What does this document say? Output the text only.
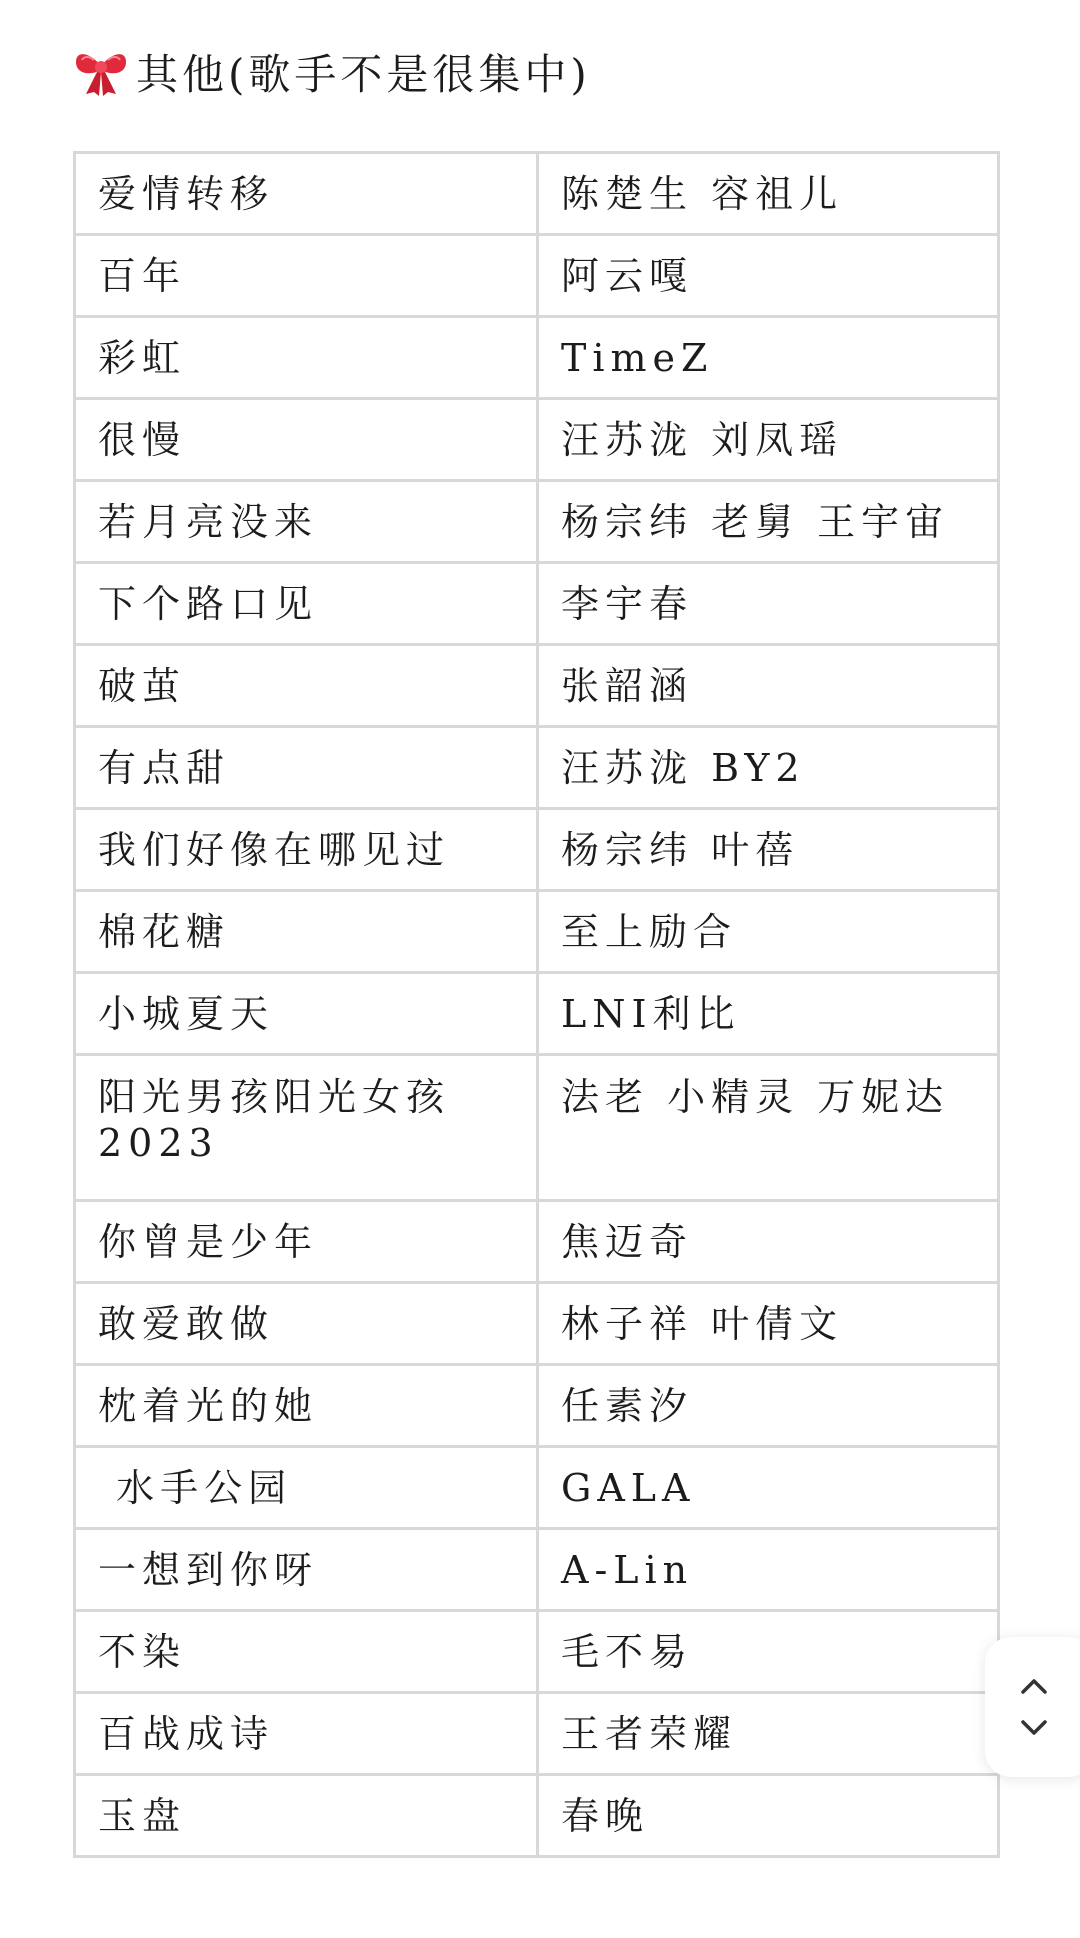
其他(歌手不是很集中)
爱情转移	陈楚生 容祖儿
百年	阿云嘎
彩虹	TimeZ
很慢	汪苏泷 刘凤瑶
若月亮没来	杨宗纬 老舅 王宇宙
下个路口见	李宇春
破茧	张韶涵
有点甜	汪苏泷 BY2
我们好像在哪见过	杨宗纬 叶蓓
棉花糖	至上励合
小城夏天	LNI利比
阳光男孩阳光女孩2023	法老 小精灵 万妮达
你曾是少年	焦迈奇
敢爱敢做	林子祥 叶倩文
枕着光的她	任素汐
水手公园	GALA
一想到你呀	A-Lin
不染	毛不易
百战成诗	王者荣耀
玉盘	春晚
